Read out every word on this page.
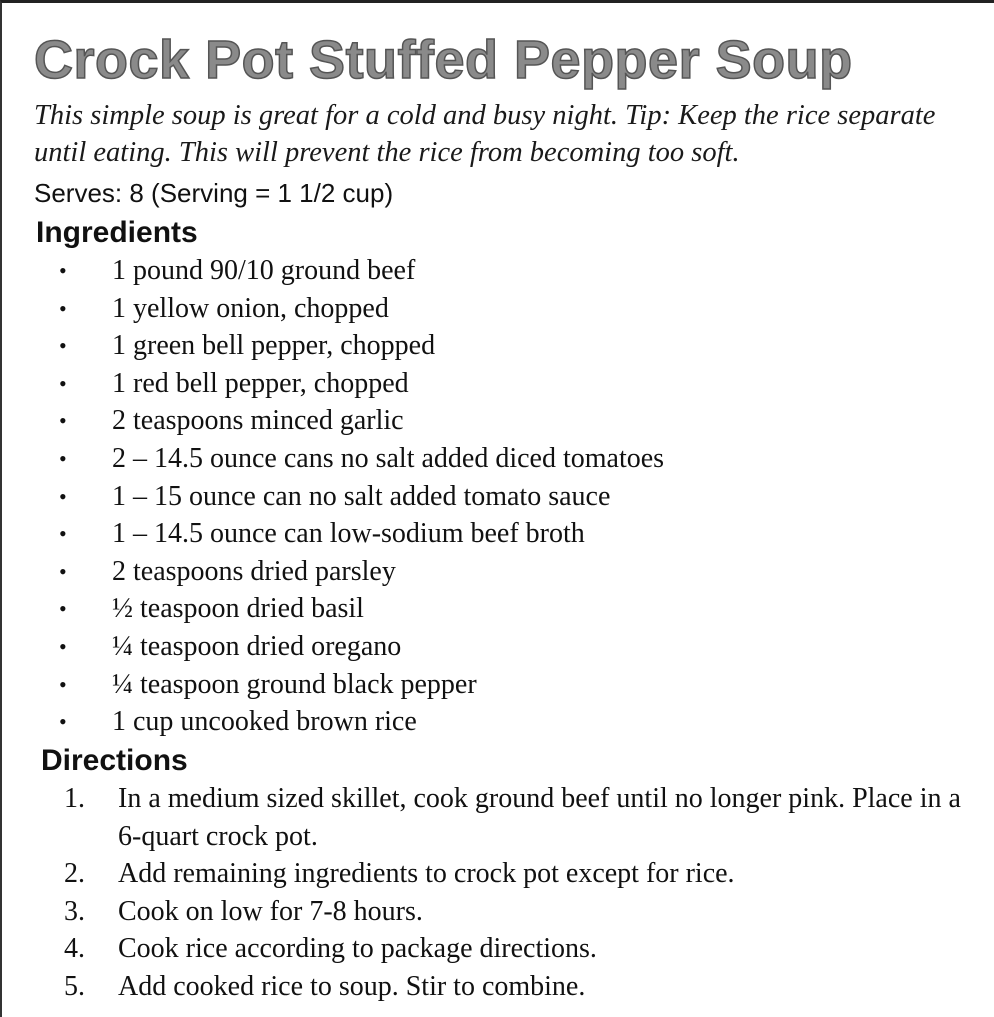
Crock Pot Stuffed Pepper Soup

This simple soup is great for a cold and busy night. Tip: Keep the rice separate until eating. This will prevent the rice from becoming too soft.

Serves: 8 (Serving = 1 1/2 cup)
Ingredients
• 1 pound 90/10 ground beef
• 1 yellow onion, chopped
• 1 green bell pepper, chopped
• 1 red bell pepper, chopped
• 2 teaspoons minced garlic
• 2 – 14.5 ounce cans no salt added diced tomatoes
• 1 – 15 ounce can no salt added tomato sauce
• 1 – 14.5 ounce can low-sodium beef broth
• 2 teaspoons dried parsley
• ½ teaspoon dried basil
• ¼ teaspoon dried oregano
• ¼ teaspoon ground black pepper
• 1 cup uncooked brown rice
Directions
1. In a medium sized skillet, cook ground beef until no longer pink. Place in a 6-quart crock pot.
2. Add remaining ingredients to crock pot except for rice.
3. Cook on low for 7-8 hours.
4. Cook rice according to package directions.
5. Add cooked rice to soup. Stir to combine.
